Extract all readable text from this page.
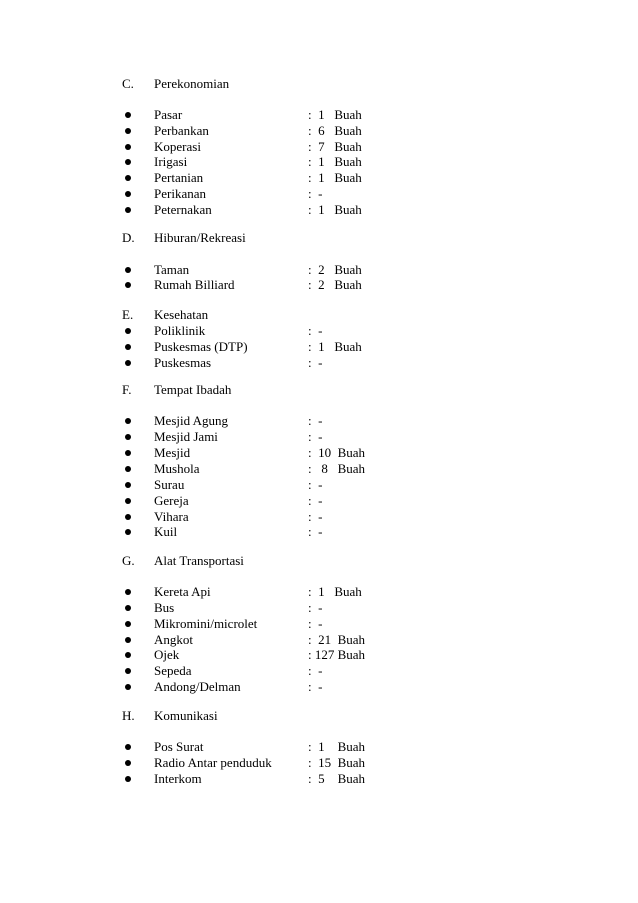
C. Perekonomian
Pasar	:  1   Buah
Perbankan	:  6   Buah
Koperasi	:  7   Buah
Irigasi	:  1   Buah
Pertanian	:  1   Buah
Perikanan	:  -
Peternakan	:  1   Buah
D. Hiburan/Rekreasi
Taman	:  2   Buah
Rumah Billiard	:  2   Buah
E. Kesehatan
Poliklinik	:  -
Puskesmas (DTP)	:  1   Buah
Puskesmas	:  -
F. Tempat Ibadah
Mesjid Agung	:  -
Mesjid Jami	:  -
Mesjid	:  10  Buah
Mushola	:   8   Buah
Surau	:  -
Gereja	:  -
Vihara	:  -
Kuil	:  -
G. Alat Transportasi
Kereta Api	:  1   Buah
Bus	:  -
Mikromini/microlet	:  -
Angkot	:  21  Buah
Ojek	: 127 Buah
Sepeda	:  -
Andong/Delman	:  -
H. Komunikasi
Pos Surat	:  1    Buah
Radio Antar penduduk	:  15  Buah
Interkom	:  5    Buah
